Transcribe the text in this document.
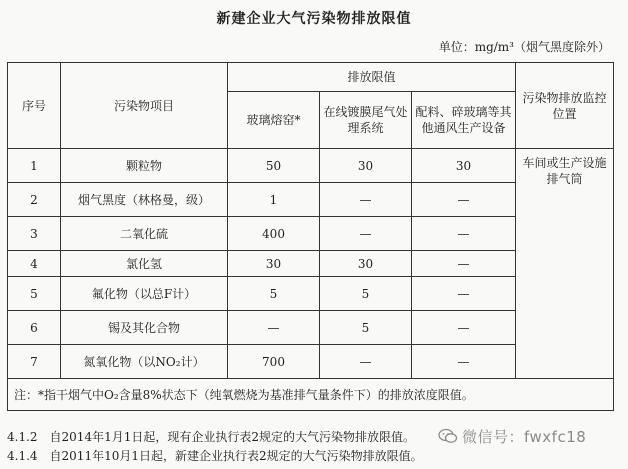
新建企业大气污染物排放限值
单位：mg/m³（烟气黑度除外）
序号	污染物项目	排放限值			污染物排放监控位置
		玻璃熔窑*	在线镀膜尾气处理系统	配料、碎玻璃等其他通风生产设备	
1	颗粒物	50	30	30	车间或生产设施排气筒
2	烟气黑度（林格曼，级）	1	—	—	
3	二氧化硫	400	—	—	
4	氯化氢	30	30	—	
5	氟化物（以总F计）	5	5	—	
6	锡及其化合物	—	5	—	
7	氮氧化物（以NO₂计）	700	—	—	
注：*指干烟气中O₂含量8%状态下（纯氧燃烧为基准排气量条件下）的排放浓度限值。					
4.1.2　自2014年1月1日起，现有企业执行表2规定的大气污染物排放限值。
4.1.4　自2011年10月1日起，新建企业执行表2规定的大气污染物排放限值。
微信号：fwxfc18
